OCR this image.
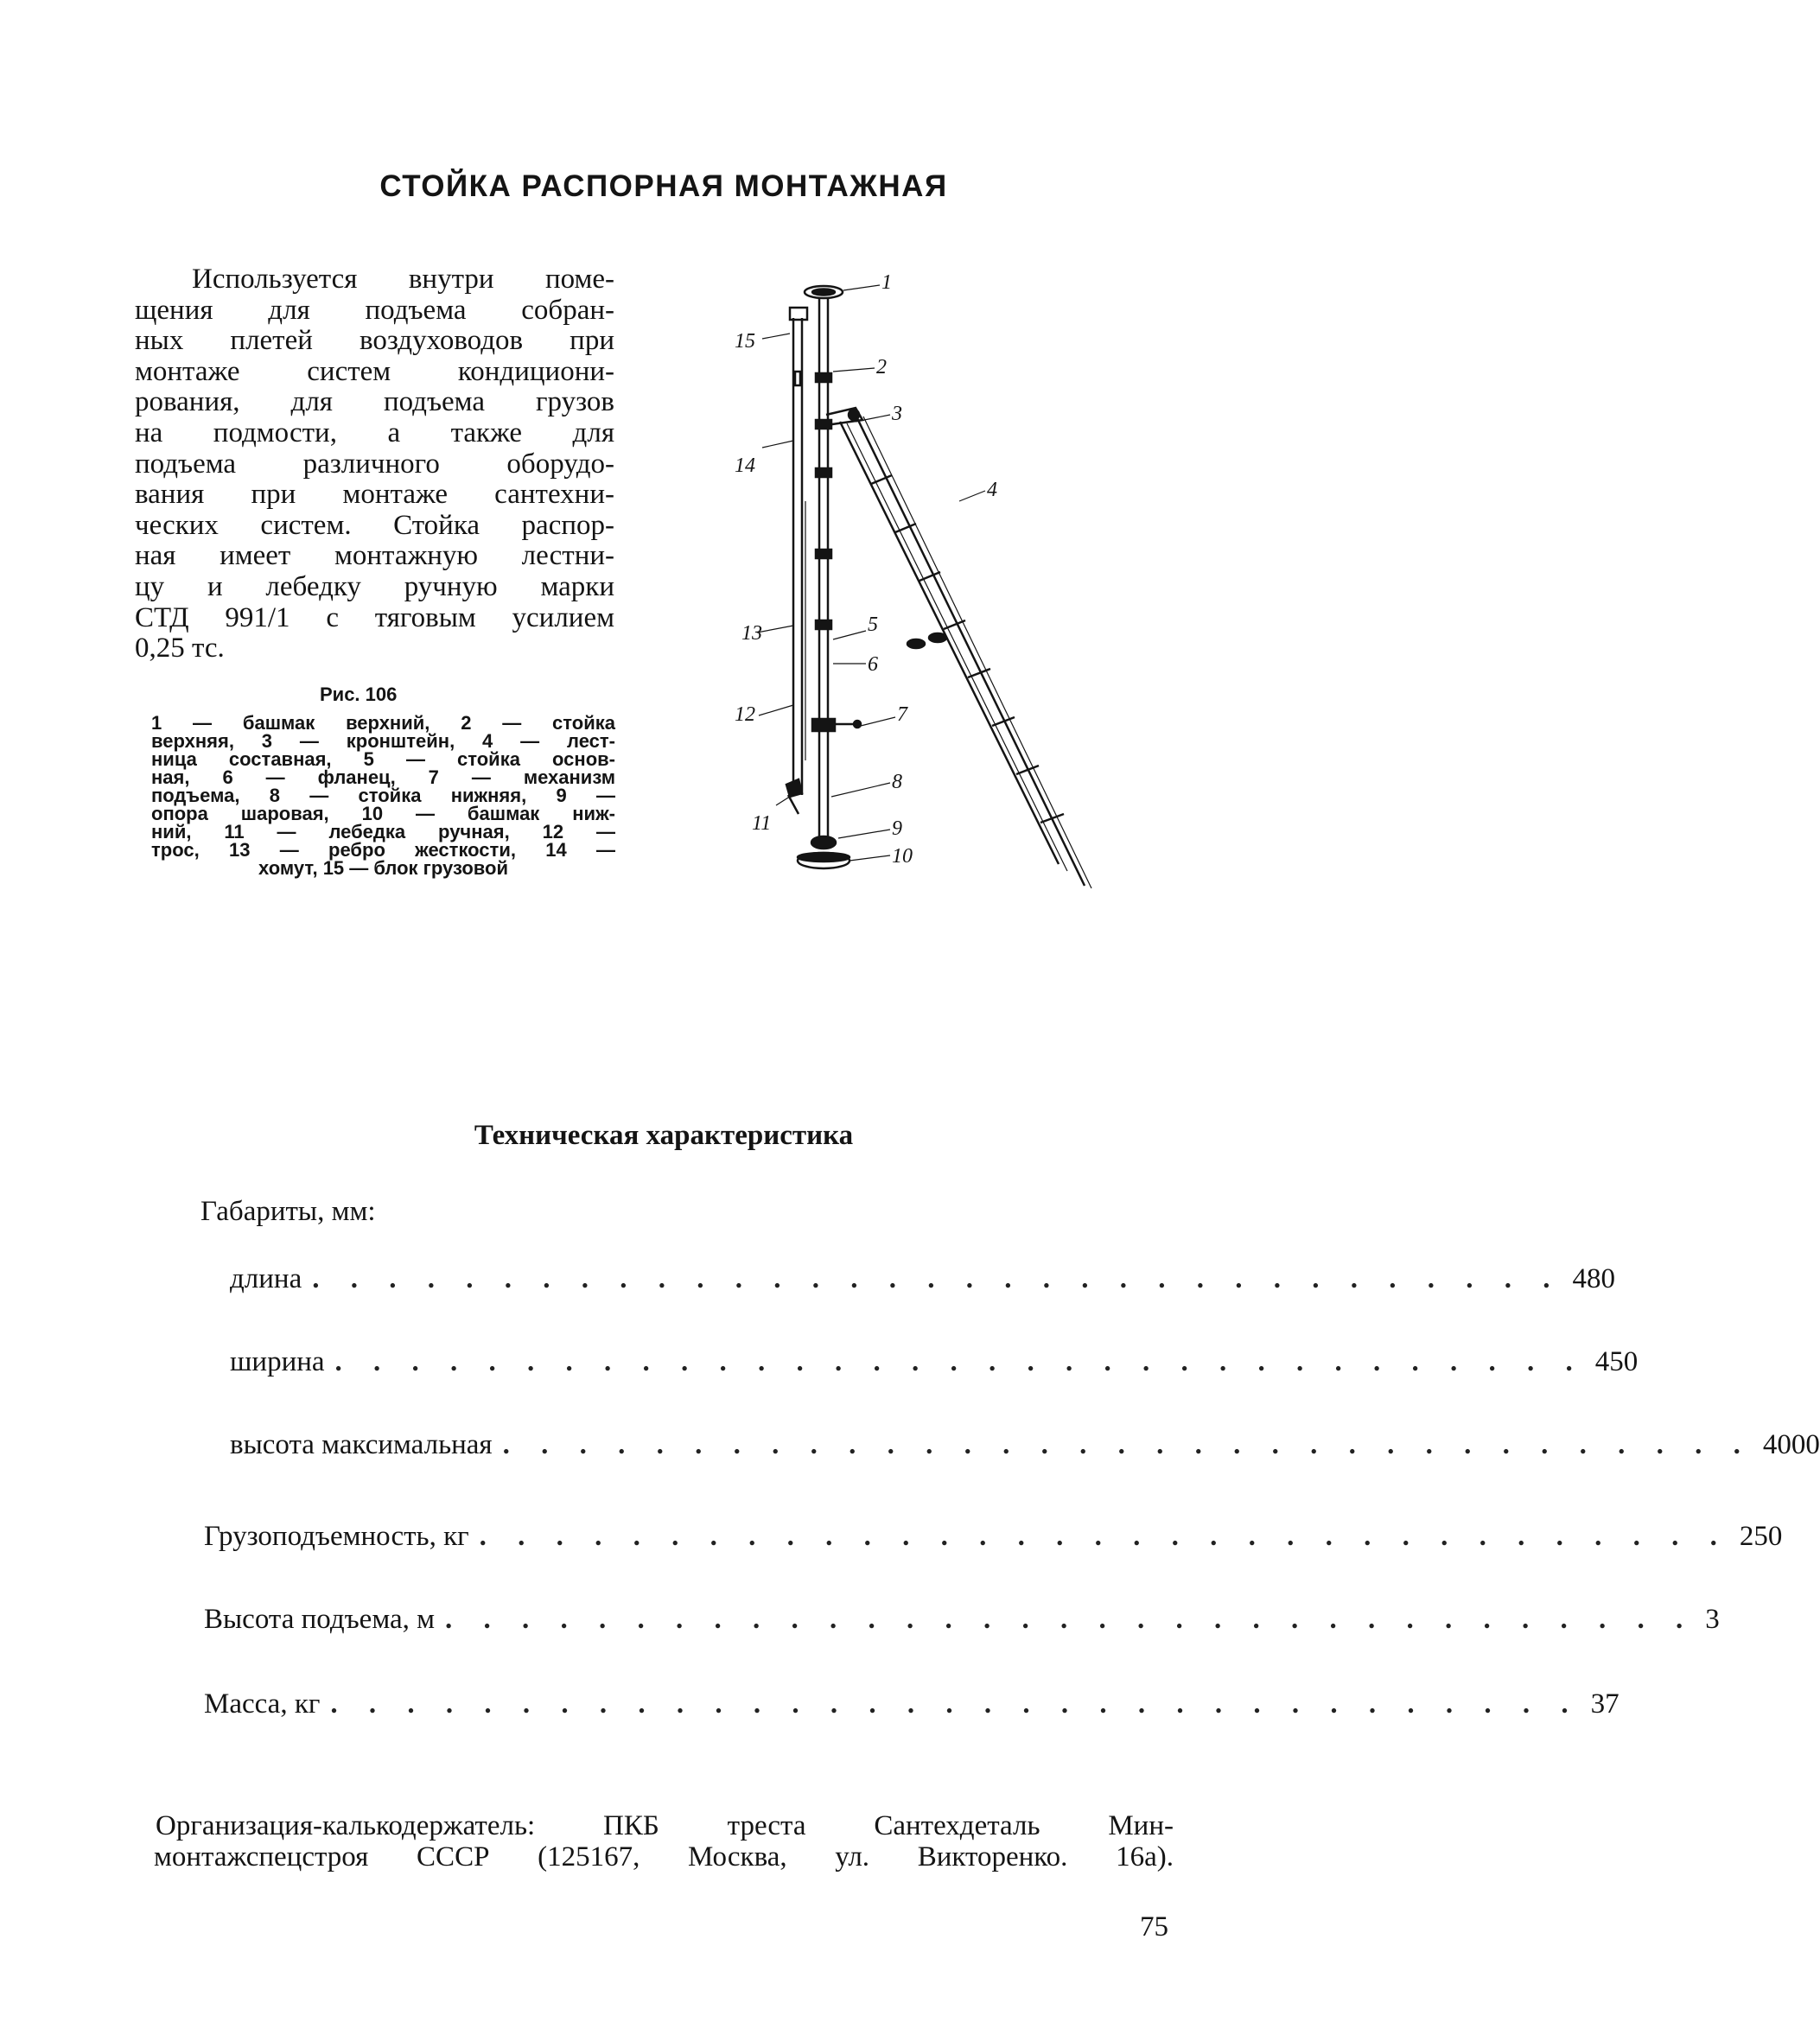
СТОЙКА РАСПОРНАЯ МОНТАЖНАЯ
Используется внутри поме-
щения для подъема собран-
ных плетей воздуховодов при
монтаже систем кондициони-
рования, для подъема грузов
на подмости, а также для
подъема различного оборудо-
вания при монтаже сантехни-
ческих систем. Стойка распор-
ная имеет монтажную лестни-
цу и лебедку ручную марки
СТД 991/1 с тяговым усилием
0,25 тс.
Рис. 106
1 — башмак верхний, 2 — стойка
верхняя, 3 — кронштейн, 4 — лест-
ница составная, 5 — стойка основ-
ная, 6 — фланец, 7 — механизм
подъема, 8 — стойка нижняя, 9 —
опора шаровая, 10 — башмак ниж-
ний, 11 — лебедка ручная, 12 —
трос, 13 — ребро жесткости, 14 —
хомут, 15 — блок грузовой
1
2
3
4
5
6
7
8
9
10
11
12
13
14
15
Техническая характеристика
Габариты, мм:
длина . . . . . . . . . . . . . . . . . . . . . . . . . . . . . . . . . 480
ширина . . . . . . . . . . . . . . . . . . . . . . . . . . . . . . . . . 450
высота максимальная . . . . . . . . . . . . . . . . . . . . . . . . . . . . . . . . . 4000
Грузоподъемность, кг . . . . . . . . . . . . . . . . . . . . . . . . . . . . . . . . . 250
Высота подъема, м . . . . . . . . . . . . . . . . . . . . . . . . . . . . . . . . . 3
Масса, кг . . . . . . . . . . . . . . . . . . . . . . . . . . . . . . . . . 37
Организация-калькодержатель: ПКБ треста Сантехдеталь Мин-
монтажспецстроя СССР (125167, Москва, ул. Викторенко. 16а).
75
